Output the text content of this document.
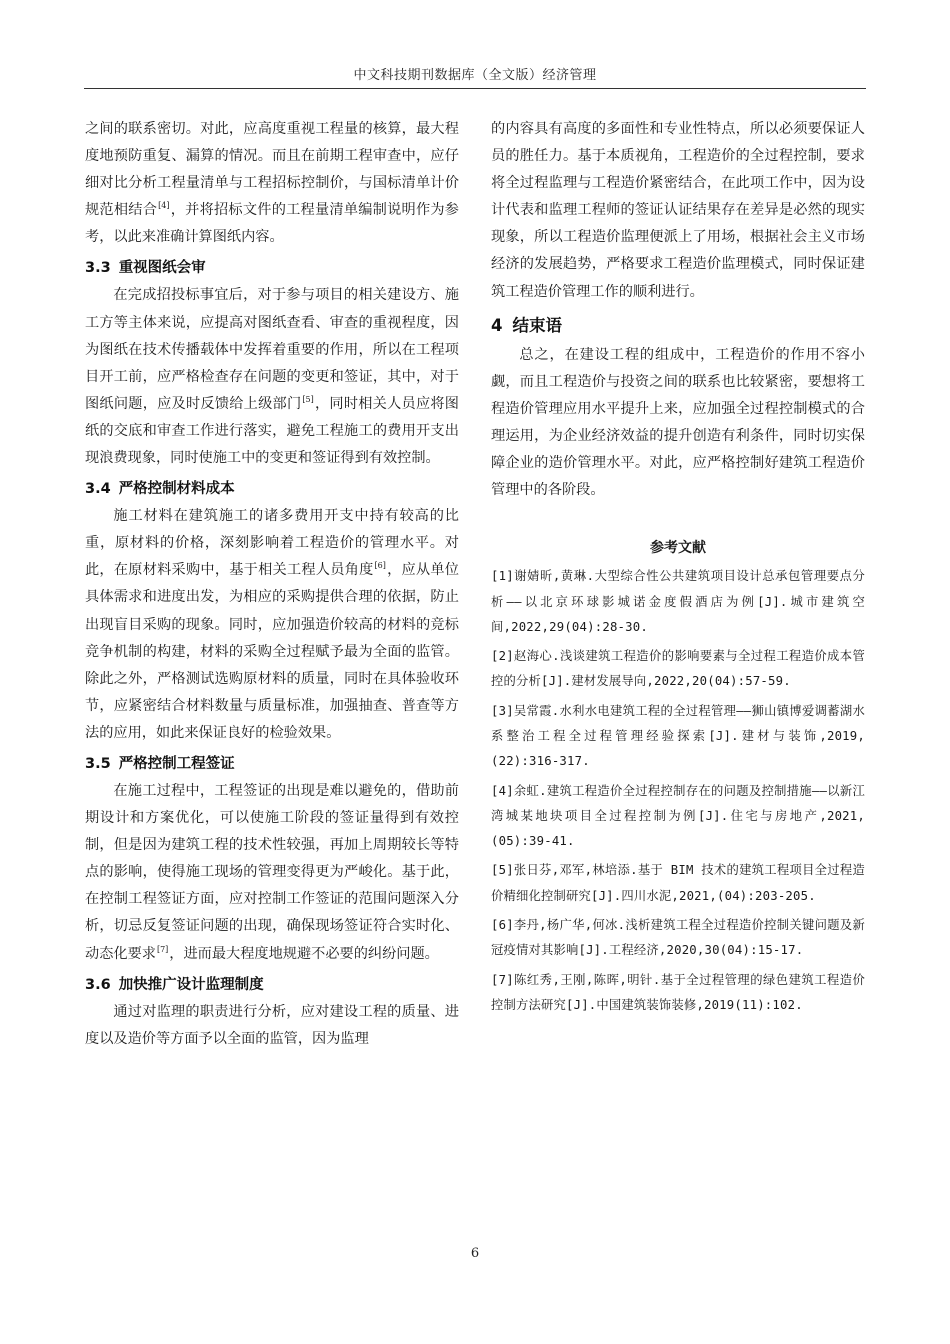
中文科技期刊数据库（全文版）经济管理

之间的联系密切。对此，应高度重视工程量的核算，最大程度地预防重复、漏算的情况。而且在前期工程审查中，应仔细对比分析工程量清单与工程招标控制价，与国标清单计价规范相结合[4]，并将招标文件的工程量清单编制说明作为参考，以此来准确计算图纸内容。

3.3 重视图纸会审

在完成招投标事宜后，对于参与项目的相关建设方、施工方等主体来说，应提高对图纸查看、审查的重视程度，因为图纸在技术传播载体中发挥着重要的作用，所以在工程项目开工前，应严格检查存在问题的变更和签证，其中，对于图纸问题，应及时反馈给上级部门[5]，同时相关人员应将图纸的交底和审查工作进行落实，避免工程施工的费用开支出现浪费现象，同时使施工中的变更和签证得到有效控制。

3.4 严格控制材料成本

施工材料在建筑施工的诸多费用开支中持有较高的比重，原材料的价格，深刻影响着工程造价的管理水平。对此，在原材料采购中，基于相关工程人员角度[6]，应从单位具体需求和进度出发，为相应的采购提供合理的依据，防止出现盲目采购的现象。同时，应加强造价较高的材料的竞标竞争机制的构建，材料的采购全过程赋予最为全面的监管。除此之外，严格测试选购原材料的质量，同时在具体验收环节，应紧密结合材料数量与质量标准，加强抽查、普查等方法的应用，如此来保证良好的检验效果。

3.5 严格控制工程签证

在施工过程中，工程签证的出现是难以避免的，借助前期设计和方案优化，可以使施工阶段的签证量得到有效控制，但是因为建筑工程的技术性较强，再加上周期较长等特点的影响，使得施工现场的管理变得更为严峻化。基于此，在控制工程签证方面，应对控制工作签证的范围问题深入分析，切忌反复签证问题的出现，确保现场签证符合实时化、动态化要求[7]，进而最大程度地规避不必要的纠纷问题。

3.6 加快推广设计监理制度

通过对监理的职责进行分析，应对建设工程的质量、进度以及造价等方面予以全面的监管，因为监理

的内容具有高度的多面性和专业性特点，所以必须要保证人员的胜任力。基于本质视角，工程造价的全过程控制，要求将全过程监理与工程造价紧密结合，在此项工作中，因为设计代表和监理工程师的签证认证结果存在差异是必然的现实现象，所以工程造价监理便派上了用场，根据社会主义市场经济的发展趋势，严格要求工程造价监理模式，同时保证建筑工程造价管理工作的顺利进行。

4 结束语

总之，在建设工程的组成中，工程造价的作用不容小觑，而且工程造价与投资之间的联系也比较紧密，要想将工程造价管理应用水平提升上来，应加强全过程控制模式的合理运用，为企业经济效益的提升创造有利条件，同时切实保障企业的造价管理水平。对此，应严格控制好建筑工程造价管理中的各阶段。

参考文献
[1]谢婧昕,黄琳.大型综合性公共建筑项目设计总承包管理要点分析——以北京环球影城诺金度假酒店为例[J].城市建筑空间,2022,29(04):28-30.
[2]赵海心.浅谈建筑工程造价的影响要素与全过程工程造价成本管控的分析[J].建材发展导向,2022,20(04):57-59.
[3]吴常霞.水利水电建筑工程的全过程管理——狮山镇博爱调蓄湖水系整治工程全过程管理经验探索[J].建材与装饰,2019,(22):316-317.
[4]余虹.建筑工程造价全过程控制存在的问题及控制措施——以新江湾城某地块项目全过程控制为例[J].住宅与房地产,2021,(05):39-41.
[5]张日芬,邓军,林培添.基于 BIM 技术的建筑工程项目全过程造价精细化控制研究[J].四川水泥,2021,(04):203-205.
[6]李丹,杨广华,何冰.浅析建筑工程全过程造价控制关键问题及新冠疫情对其影响[J].工程经济,2020,30(04):15-17.
[7]陈红秀,王刚,陈晖,明针.基于全过程管理的绿色建筑工程造价控制方法研究[J].中国建筑装饰装修,2019(11):102.
6
